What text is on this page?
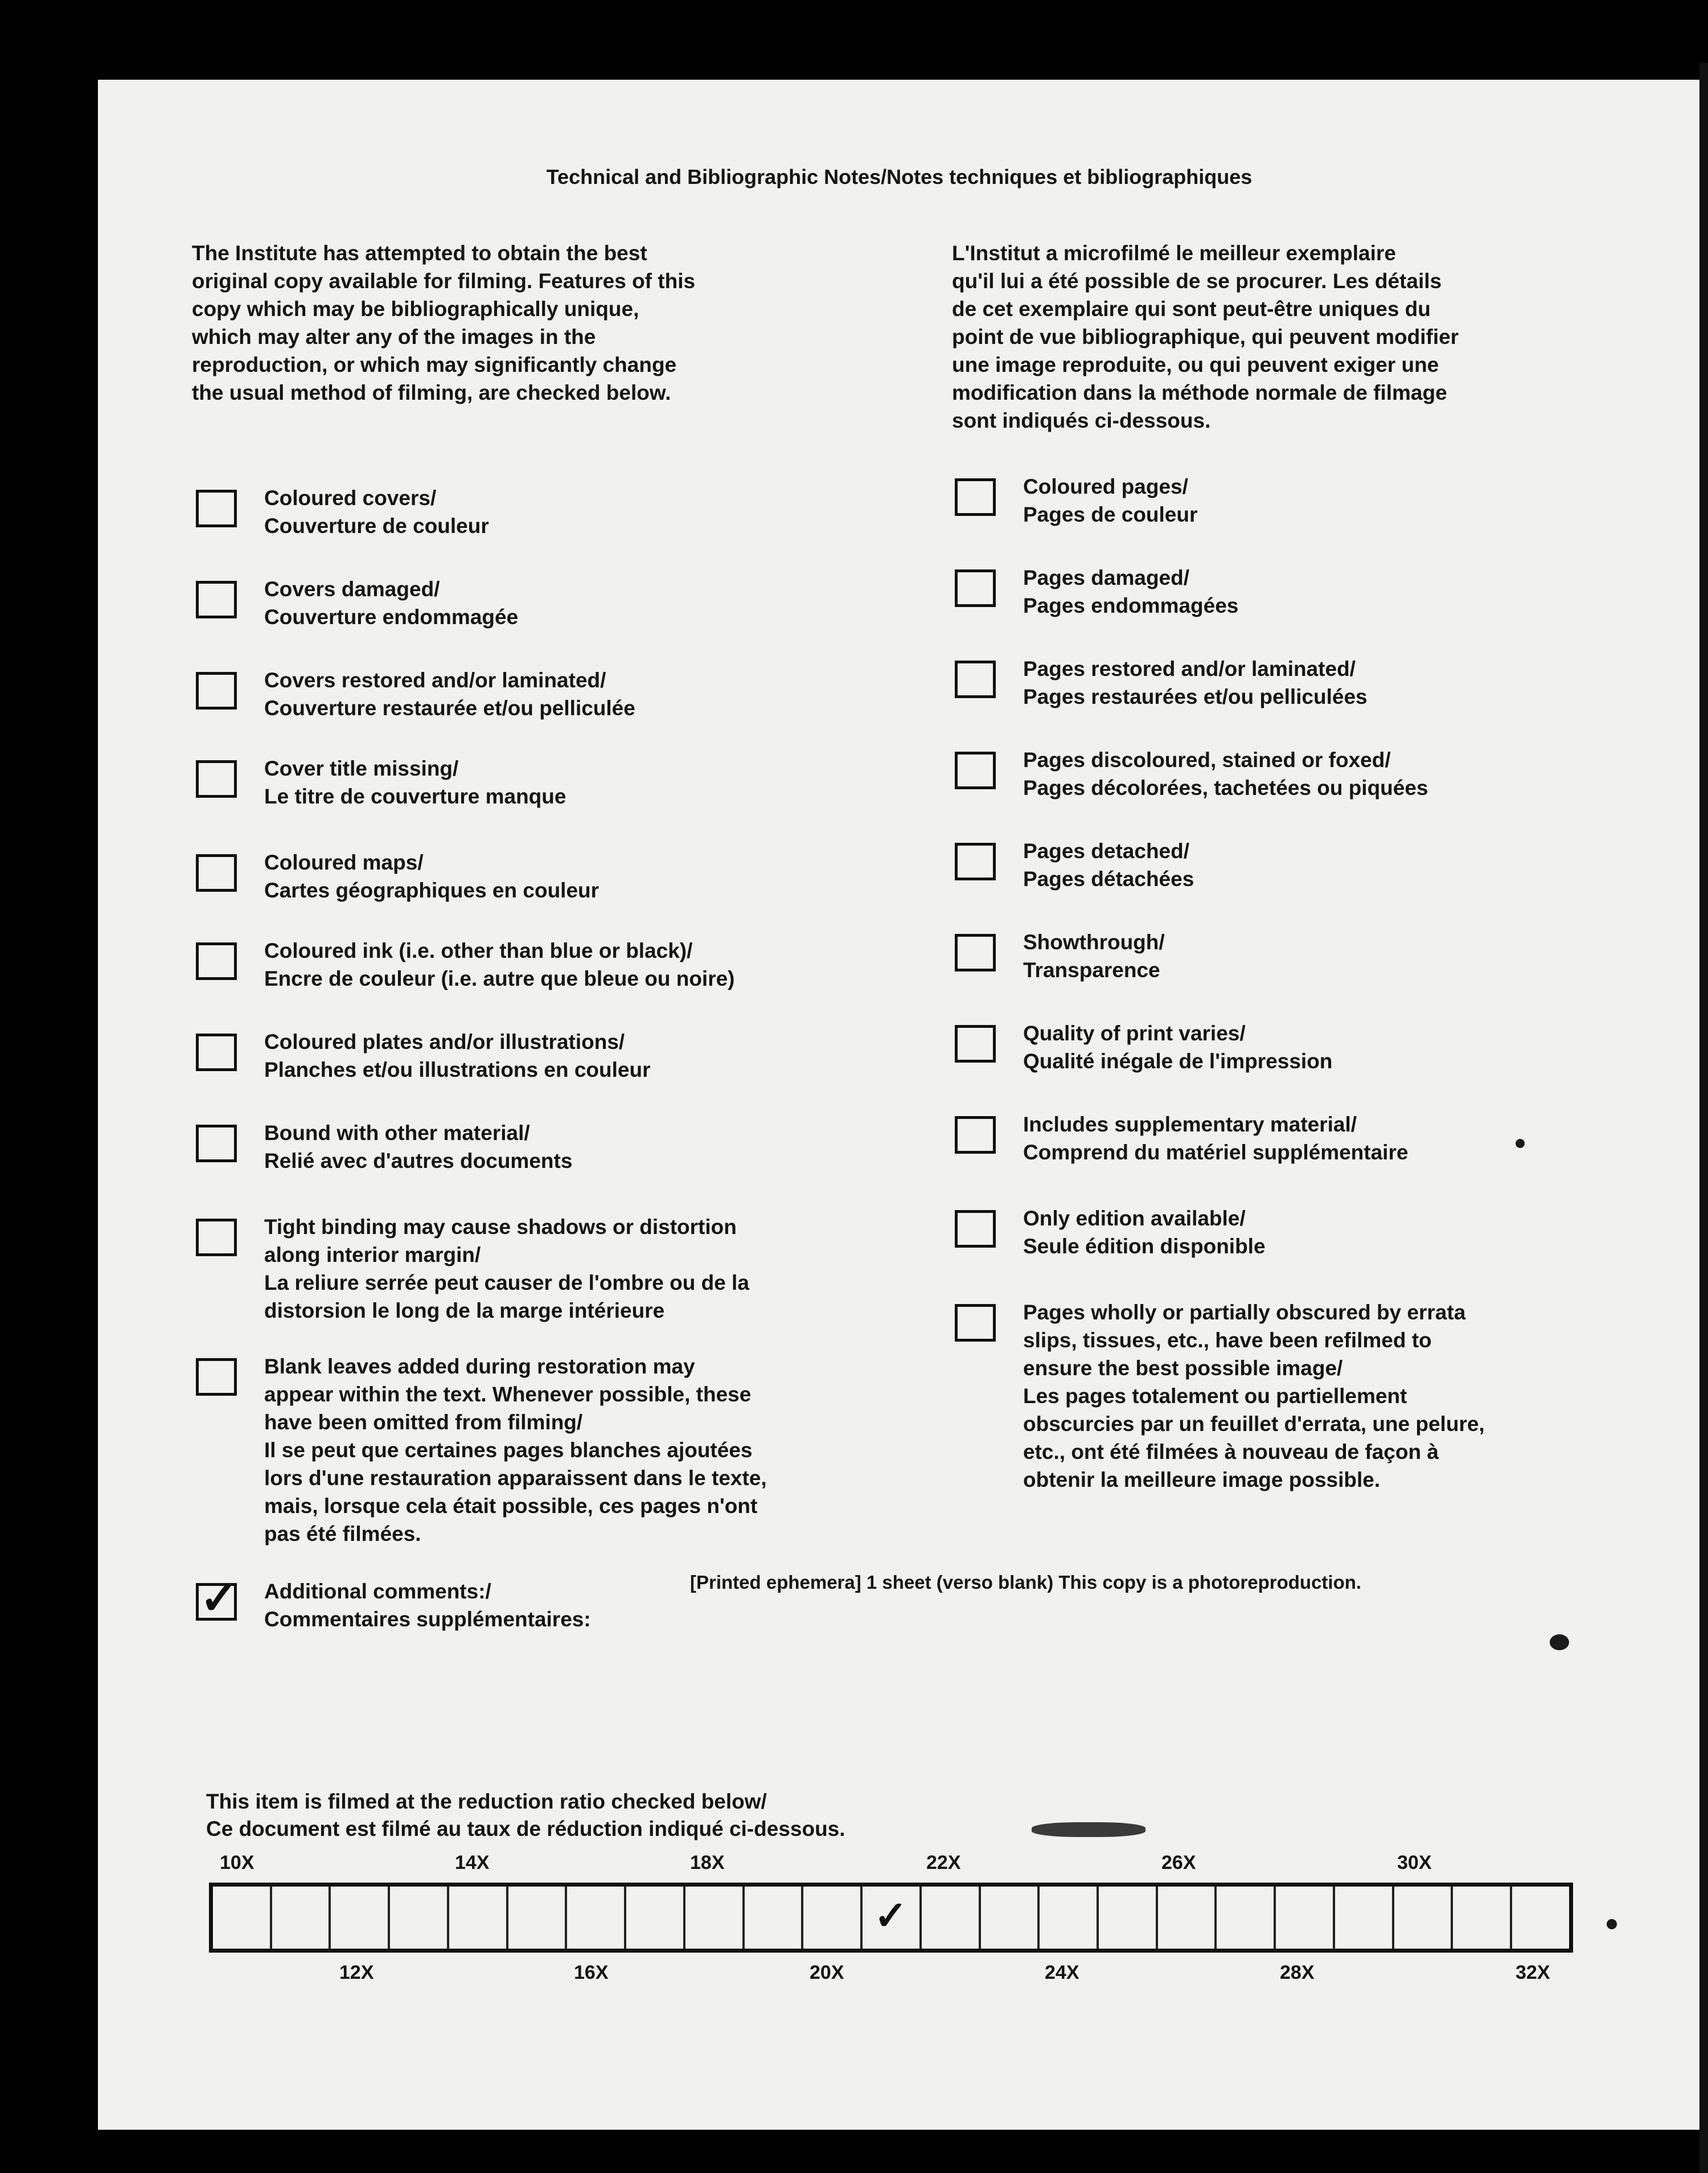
Technical and Bibliographic Notes/Notes techniques et bibliographiques

The Institute has attempted to obtain the best
original copy available for filming. Features of this
copy which may be bibliographically unique,
which may alter any of the images in the
reproduction, or which may significantly change
the usual method of filming, are checked below.

L'Institut a microfilmé le meilleur exemplaire
qu'il lui a été possible de se procurer. Les détails
de cet exemplaire qui sont peut-être uniques du
point de vue bibliographique, qui peuvent modifier
une image reproduite, ou qui peuvent exiger une
modification dans la méthode normale de filmage
sont indiqués ci-dessous.

Coloured covers/
Couverture de couleur

Covers damaged/
Couverture endommagée

Covers restored and/or laminated/
Couverture restaurée et/ou pelliculée

Cover title missing/
Le titre de couverture manque

Coloured maps/
Cartes géographiques en couleur

Coloured ink (i.e. other than blue or black)/
Encre de couleur (i.e. autre que bleue ou noire)

Coloured plates and/or illustrations/
Planches et/ou illustrations en couleur

Bound with other material/
Relié avec d'autres documents

Tight binding may cause shadows or distortion
along interior margin/
La reliure serrée peut causer de l'ombre ou de la
distorsion le long de la marge intérieure

Blank leaves added during restoration may
appear within the text. Whenever possible, these
have been omitted from filming/
Il se peut que certaines pages blanches ajoutées
lors d'une restauration apparaissent dans le texte,
mais, lorsque cela était possible, ces pages n'ont
pas été filmées.

✓ Additional comments:/
Commentaires supplémentaires:

Coloured pages/
Pages de couleur

Pages damaged/
Pages endommagées

Pages restored and/or laminated/
Pages restaurées et/ou pelliculées

Pages discoloured, stained or foxed/
Pages décolorées, tachetées ou piquées

Pages detached/
Pages détachées

Showthrough/
Transparence

Quality of print varies/
Qualité inégale de l'impression

Includes supplementary material/
Comprend du matériel supplémentaire

Only edition available/
Seule édition disponible

Pages wholly or partially obscured by errata
slips, tissues, etc., have been refilmed to
ensure the best possible image/
Les pages totalement ou partiellement
obscurcies par un feuillet d'errata, une pelure,
etc., ont été filmées à nouveau de façon à
obtenir la meilleure image possible.

[Printed ephemera] 1 sheet (verso blank) This copy is a photoreproduction.

This item is filmed at the reduction ratio checked below/
Ce document est filmé au taux de réduction indiqué ci-dessous.

10X	14X	18X	22X	26X	30X
12X	16X	20X	24X	28X	32X
✓
